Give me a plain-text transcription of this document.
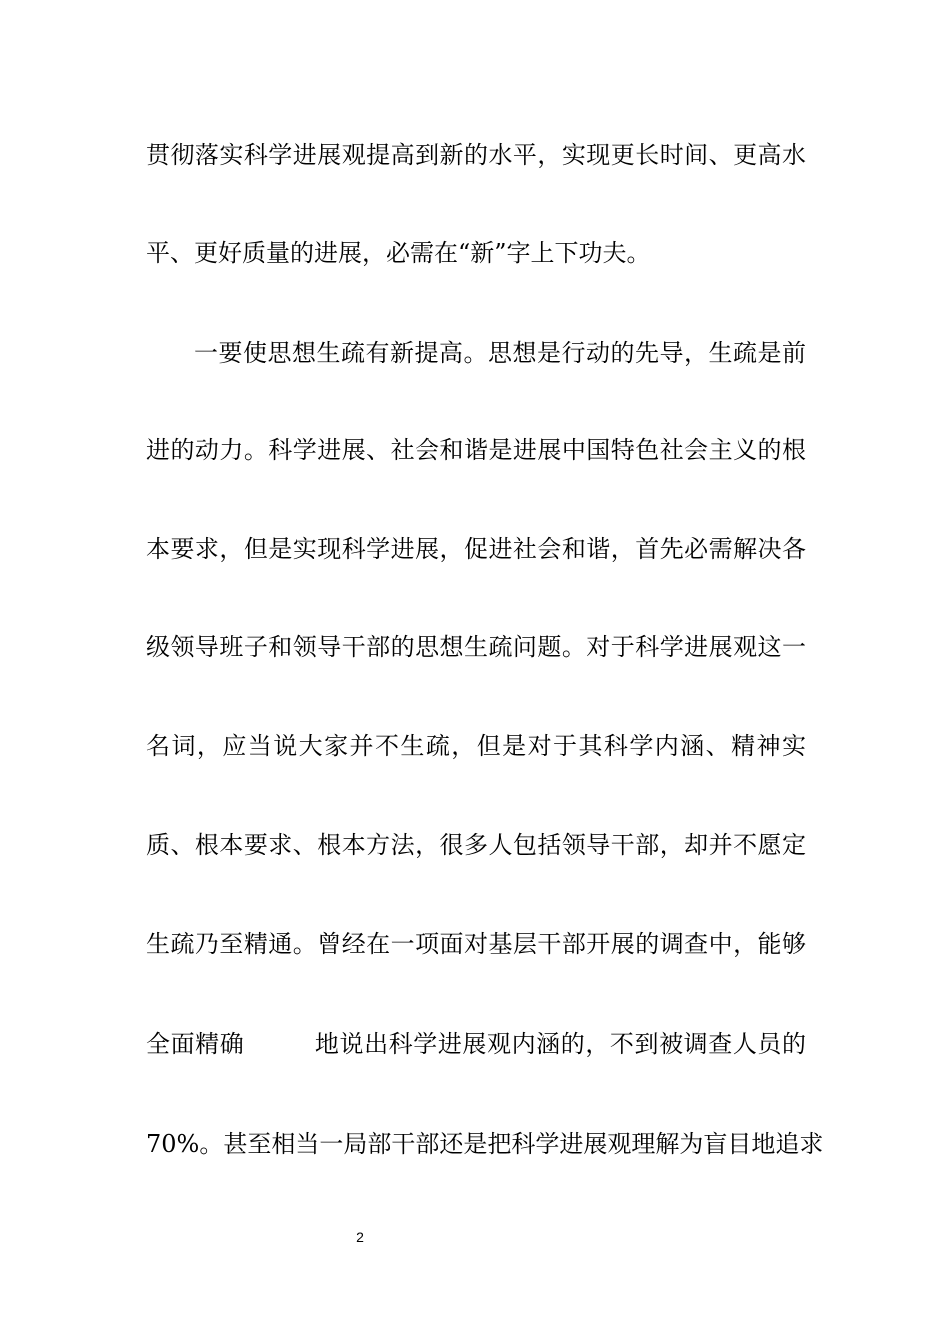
贯彻落实科学进展观提高到新的水平，实现更长时间、更高水
平、更好质量的进展，必需在“新”字上下功夫。
一要使思想生疏有新提高。思想是行动的先导，生疏是前
进的动力。科学进展、社会和谐是进展中国特色社会主义的根
本要求，但是实现科学进展，促进社会和谐，首先必需解决各
级领导班子和领导干部的思想生疏问题。对于科学进展观这一
名词，应当说大家并不生疏，但是对于其科学内涵、精神实
质、根本要求、根本方法，很多人包括领导干部，却并不愿定
生疏乃至精通。曾经在一项面对基层干部开展的调查中，能够
全面精确	地说出科学进展观内涵的，不到被调查人员的
70%。甚至相当一局部干部还是把科学进展观理解为盲目地追求
2
